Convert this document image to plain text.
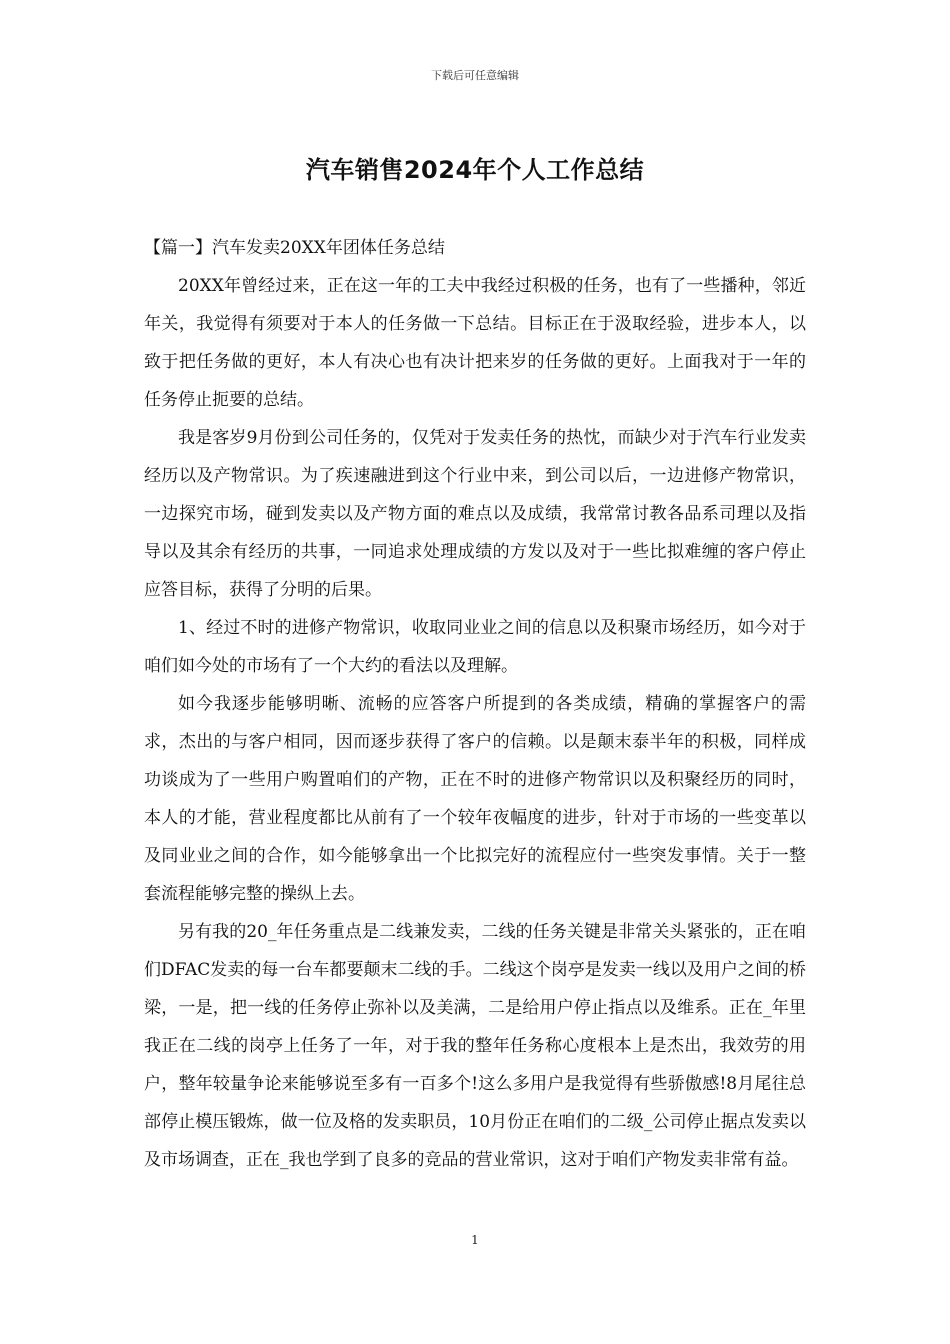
下载后可任意编辑
汽车销售2024年个人工作总结

【篇一】汽车发卖20XX年团体任务总结

20XX年曾经过来，正在这一年的工夫中我经过积极的任务，也有了一些播种，邻近年关，我觉得有须要对于本人的任务做一下总结。目标正在于汲取经验，进步本人，以致于把任务做的更好，本人有决心也有决计把来岁的任务做的更好。上面我对于一年的任务停止扼要的总结。

我是客岁9月份到公司任务的，仅凭对于发卖任务的热忱，而缺少对于汽车行业发卖经历以及产物常识。为了疾速融进到这个行业中来，到公司以后，一边进修产物常识，一边探究市场，碰到发卖以及产物方面的难点以及成绩，我常常讨教各品系司理以及指导以及其余有经历的共事，一同追求处理成绩的方发以及对于一些比拟难缠的客户停止应答目标，获得了分明的后果。

1、经过不时的进修产物常识，收取同业业之间的信息以及积聚市场经历，如今对于咱们如今处的市场有了一个大约的看法以及理解。

如今我逐步能够明晰、流畅的应答客户所提到的各类成绩，精确的掌握客户的需求，杰出的与客户相同，因而逐步获得了客户的信赖。以是颠末泰半年的积极，同样成功谈成为了一些用户购置咱们的产物，正在不时的进修产物常识以及积聚经历的同时，本人的才能，营业程度都比从前有了一个较年夜幅度的进步，针对于市场的一些变革以及同业业之间的合作，如今能够拿出一个比拟完好的流程应付一些突发事情。关于一整套流程能够完整的操纵上去。

另有我的20_年任务重点是二线兼发卖，二线的任务关键是非常关头紧张的，正在咱们DFAC发卖的每一台车都要颠末二线的手。二线这个岗亭是发卖一线以及用户之间的桥梁，一是，把一线的任务停止弥补以及美满，二是给用户停止指点以及维系。正在_年里我正在二线的岗亭上任务了一年，对于我的整年任务称心度根本上是杰出，我效劳的用户，整年较量争论来能够说至多有一百多个!这么多用户是我觉得有些骄傲感!8月尾往总部停止模压锻炼，做一位及格的发卖职员，10月份正在咱们的二级_公司停止据点发卖以及市场调查，正在_我也学到了良多的竞品的营业常识，这对于咱们产物发卖非常有益。

1
